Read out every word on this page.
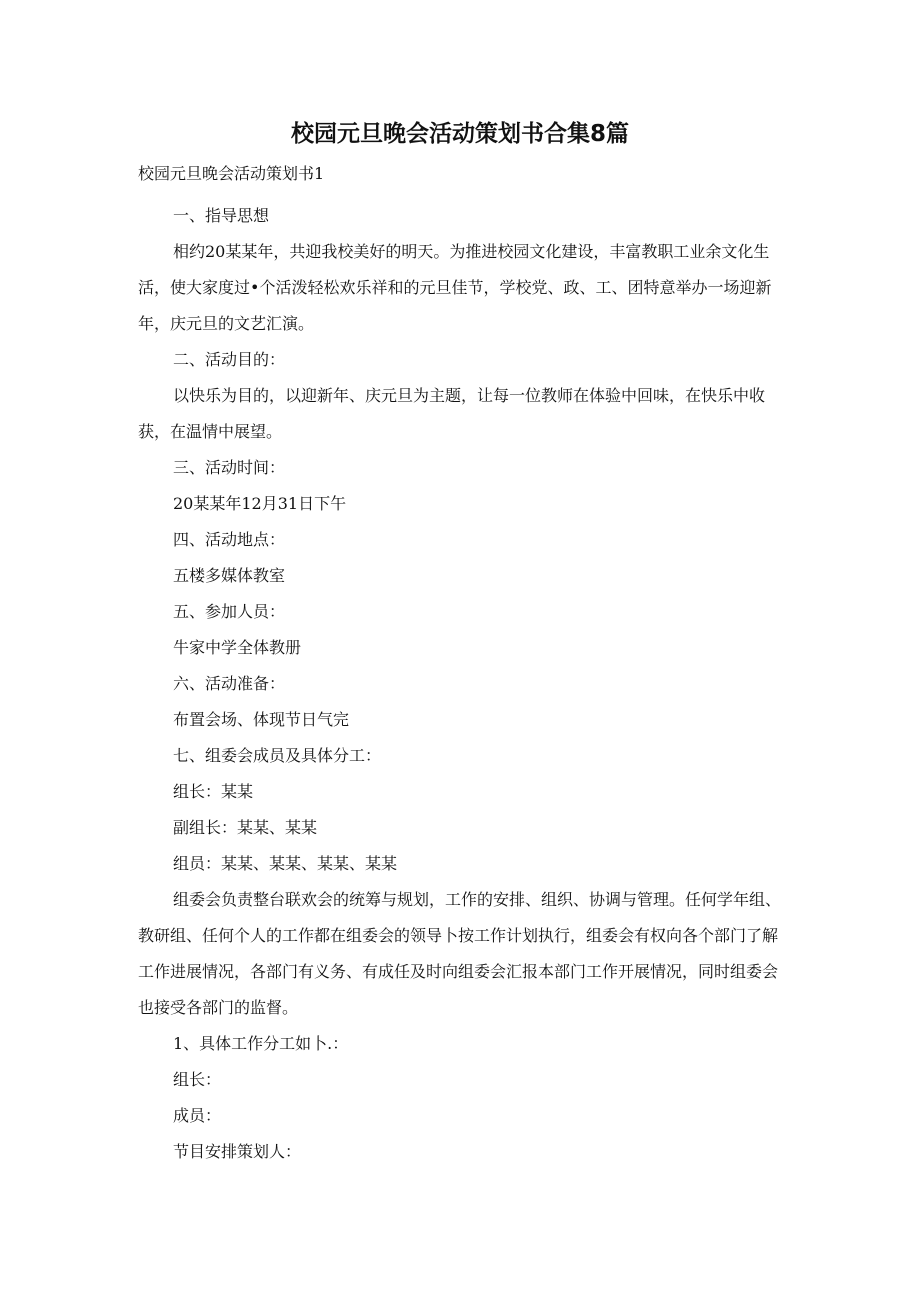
校园元旦晚会活动策划书合集8篇
校园元旦晚会活动策划书1

一、指导思想

相约20某某年，共迎我校美好的明天。为推进校园文化建设，丰富教职工业余文化生活，使大家度过•个活泼轻松欢乐祥和的元旦佳节，学校党、政、工、团特意举办一场迎新年，庆元旦的文艺汇演。

二、活动目的：

以快乐为目的，以迎新年、庆元旦为主题，让每一位教师在体验中回味，在快乐中收获，在温情中展望。

三、活动时间：

20某某年12月31日下午

四、活动地点：

五楼多媒体教室

五、参加人员：

牛家中学全体教册

六、活动准备：

布置会场、体现节日气完

七、组委会成员及具体分工：

组长：某某

副组长：某某、某某

组员：某某、某某、某某、某某

组委会负责整台联欢会的统筹与规划，工作的安排、组织、协调与管理。任何学年组、教研组、任何个人的工作都在组委会的领导卜按工作计划执行，组委会有权向各个部门了解工作进展情况，各部门有义务、有成任及时向组委会汇报本部门工作开展情况，同时组委会也接受各部门的监督。

1、具体工作分工如卜.：

组长：

成员：

节目安排策划人：
